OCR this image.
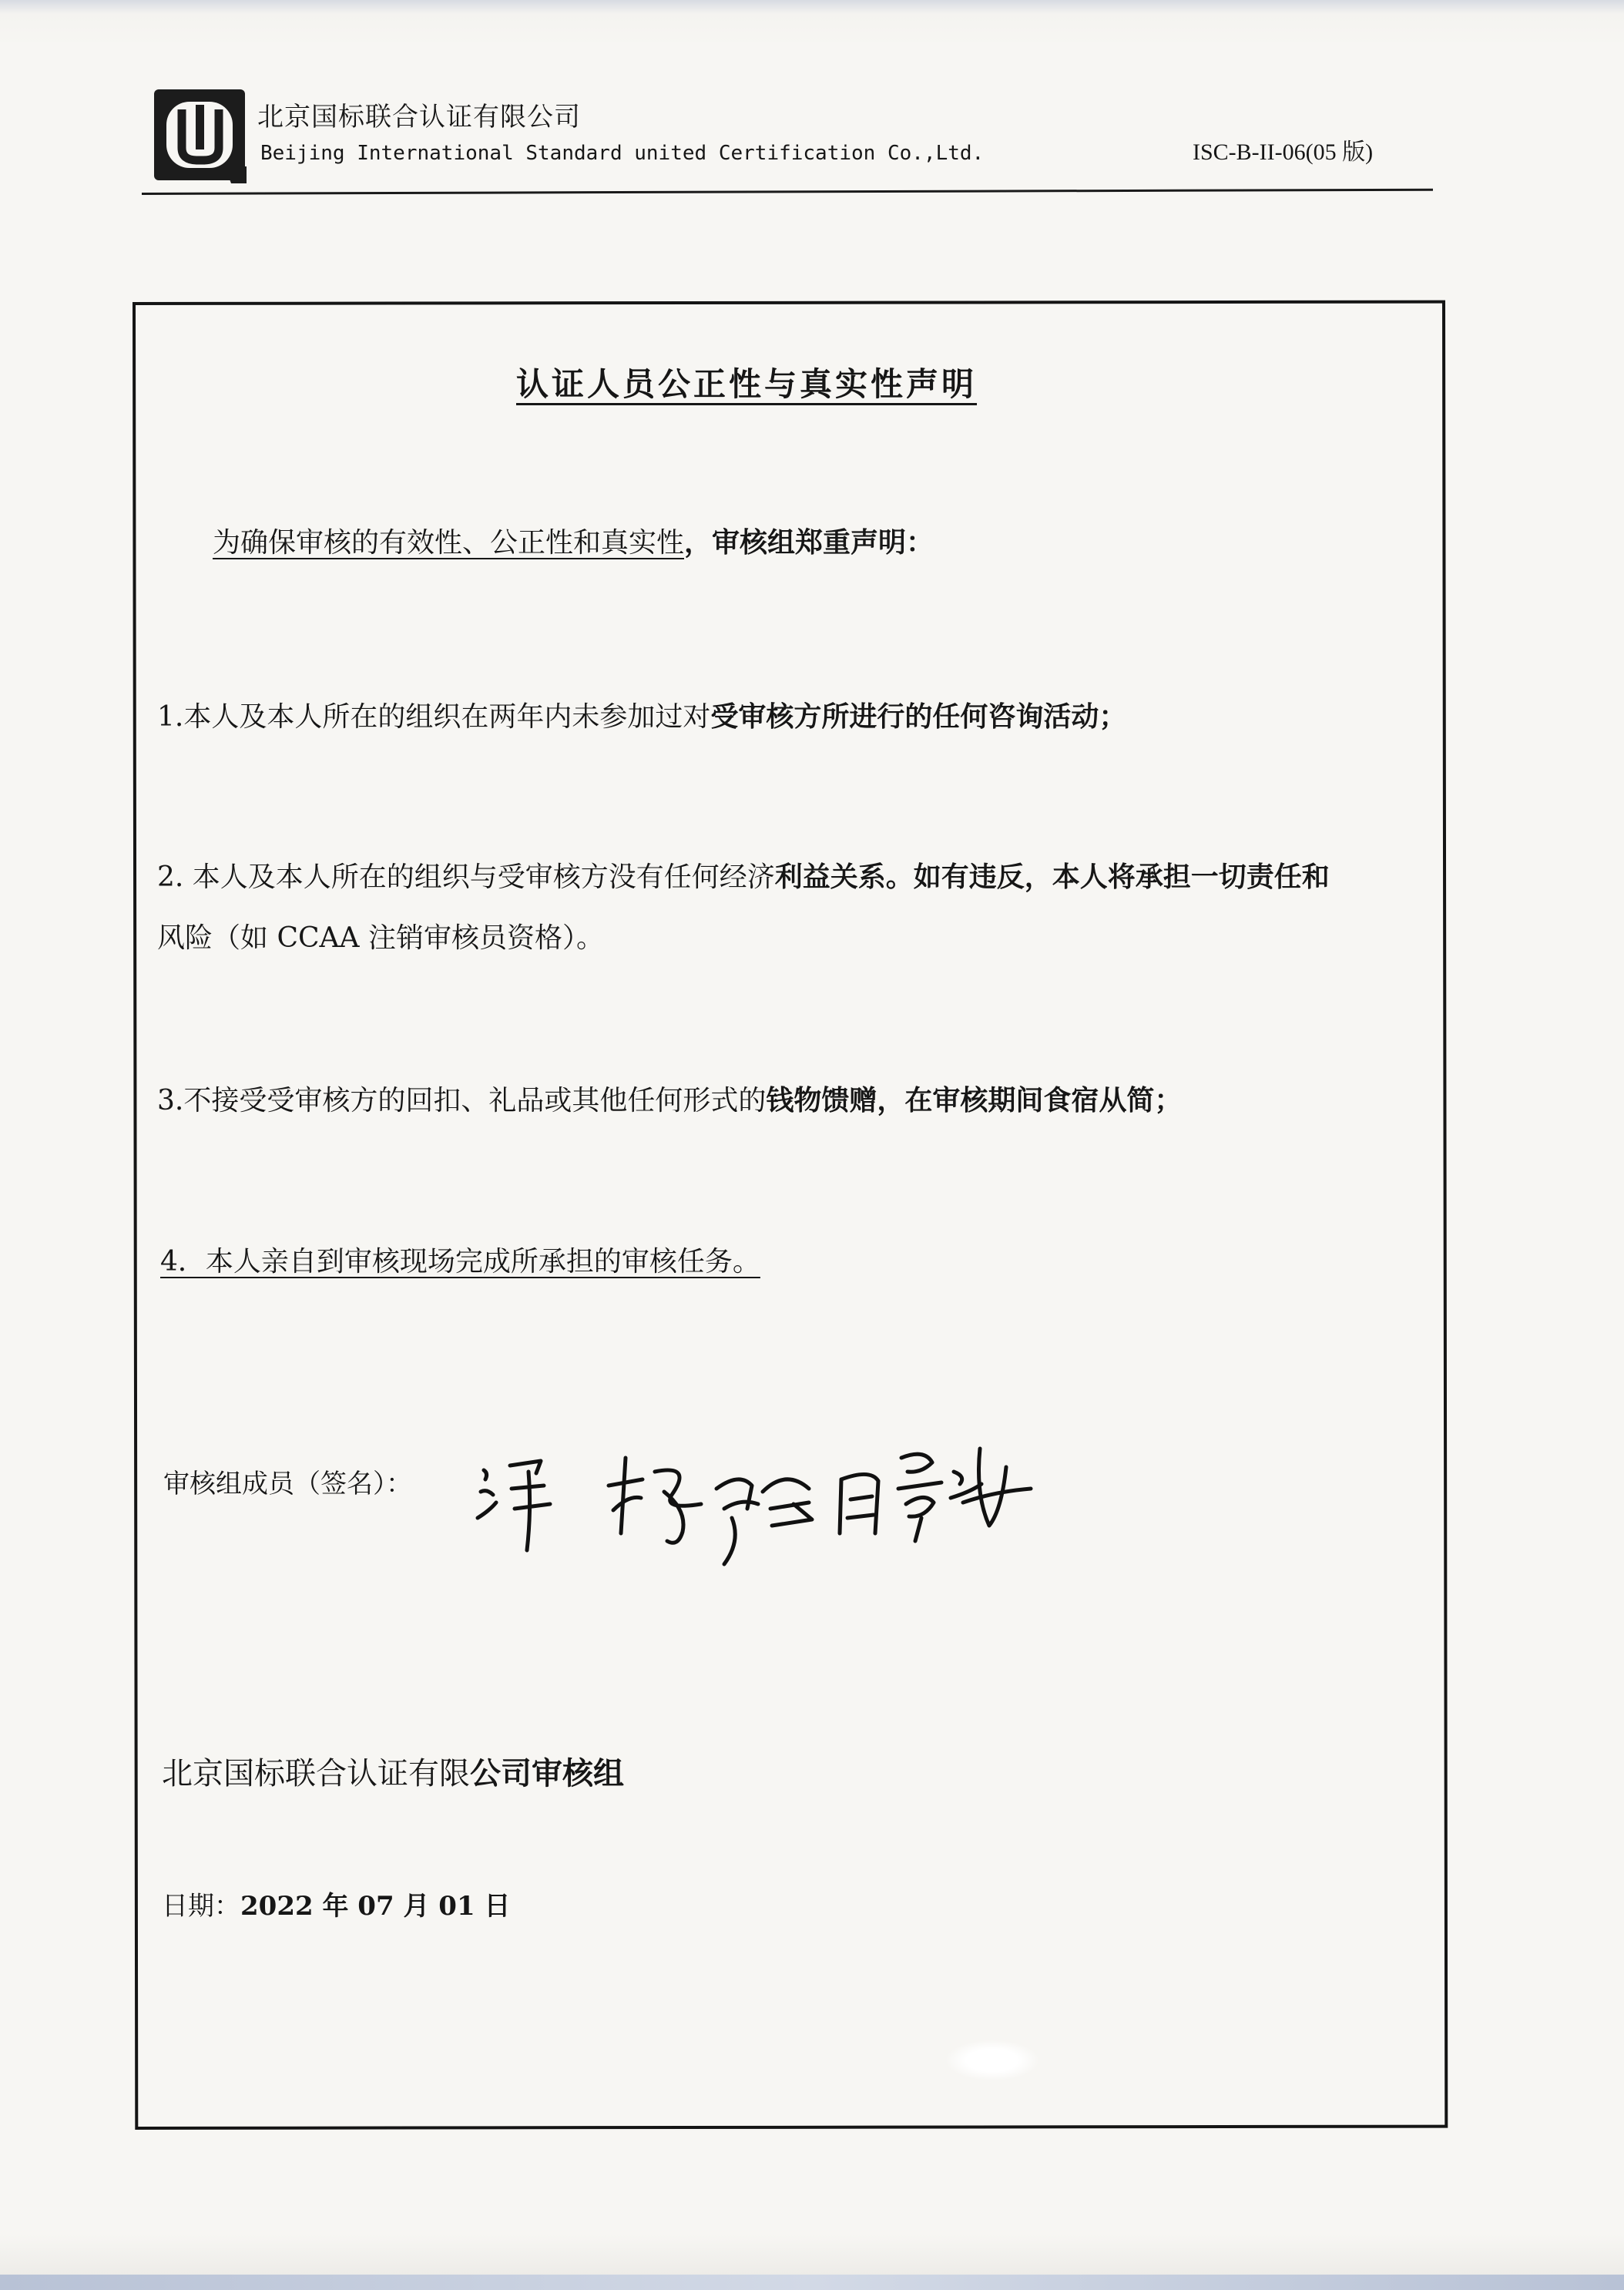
北京国标联合认证有限公司
Beijing International Standard united Certification Co.,Ltd.	ISC-B-II-06(05 版)
认证人员公正性与真实性声明
为确保审核的有效性、公正性和真实性，审核组郑重声明：
1.本人及本人所在的组织在两年内未参加过对受审核方所进行的任何咨询活动；
2. 本人及本人所在的组织与受审核方没有任何经济利益关系。如有违反，本人将承担一切责任和
风险（如 CCAA 注销审核员资格）。
3.不接受受审核方的回扣、礼品或其他任何形式的钱物馈赠，在审核期间食宿从简；
4．本人亲自到审核现场完成所承担的审核任务。
审核组成员（签名）：
北京国标联合认证有限公司审核组
日期：2022 年 07 月 01 日
